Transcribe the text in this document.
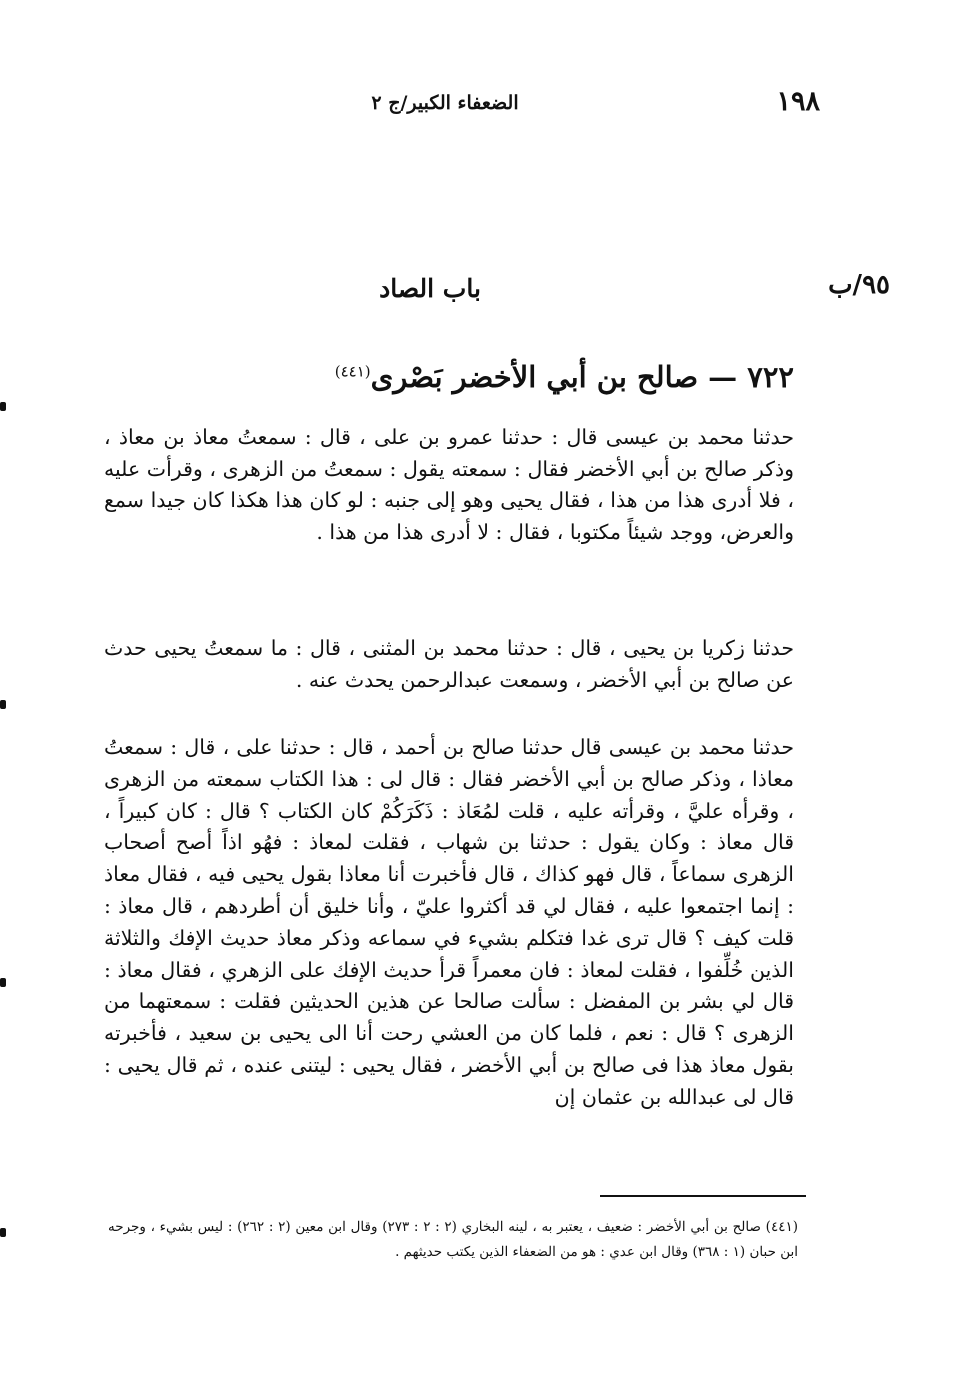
١٩٨
الضعفاء الكبير/ج ٢
٩٥/ب
باب الصاد
٧٢٢ — صالح بن أبي الأخضر بَصْرى$^{(٤٤١)}$

حدثنا محمد بن عيسى قال : حدثنا عمرو بن على ، قال : سمعتُ معاذ بن معاذ ، وذكر صالح بن أبي الأخضر فقال : سمعته يقول : سمعتُ من الزهرى ، وقرأت عليه ، فلا أدرى هذا من هذا ، فقال يحيى وهو إلى جنبه : لو كان هذا هكذا كان جيدا سمع والعرض، ووجد شيئاً مكتوبا ، فقال : لا أدرى هذا من هذا .

حدثنا زكريا بن يحيى ، قال : حدثنا محمد بن المثنى ، قال : ما سمعتُ يحيى حدث عن صالح بن أبي الأخضر ، وسمعت عبدالرحمن يحدث عنه .

حدثنا محمد بن عيسى قال حدثنا صالح بن أحمد ، قال : حدثنا على ، قال : سمعتُ معاذا ، وذكر صالح بن أبي الأخضر فقال : قال لى : هذا الكتاب سمعته من الزهرى ، وقرأه عليَّ ، وقرأته عليه ، قلت لمُعَاذ : ذَكَرَكُمْ كان الكتاب ؟ قال : كان كبيراً ، قال معاذ : وكان يقول : حدثنا بن شهاب ، فقلت لمعاذ : فهُو اذاً أصح أصحاب الزهرى سماعاً ، قال فهو كذاك ، قال فأخبرت أنا معاذا بقول يحيى فيه ، فقال معاذ : إنما اجتمعوا عليه ، فقال لي قد أكثروا عليّ ، وأنا خليق أن أطردهم ، قال معاذ : قلت كيف ؟ قال ترى غدا فتكلم بشيء في سماعه وذكر معاذ حديث الإفك والثلاثة الذين خُلِّفوا ، فقلت لمعاذ : فان معمراً قرأ حديث الإفك على الزهري ، فقال معاذ : قال لي بشر بن المفضل : سألت صالحا عن هذين الحديثين فقلت : سمعتهما من الزهرى ؟ قال : نعم ، فلما كان من العشي رحت أنا الى يحيى بن سعيد ، فأخبرته بقول معاذ هذا فى صالح بن أبي الأخضر ، فقال يحيى : ليتنى عنده ، ثم قال يحيى : قال لى عبدالله بن عثمان إن

(٤٤١) صالح بن أبي الأخضر : ضعيف ، يعتبر به ، لينه البخاري (٢ : ٢ : ٢٧٣) وقال ابن معين (٢ : ٢٦٢) : ليس بشيء ، وجرحه ابن حبان (١ : ٣٦٨) وقال ابن عدي : هو من الضعفاء الذين يكتب حديثهم .
